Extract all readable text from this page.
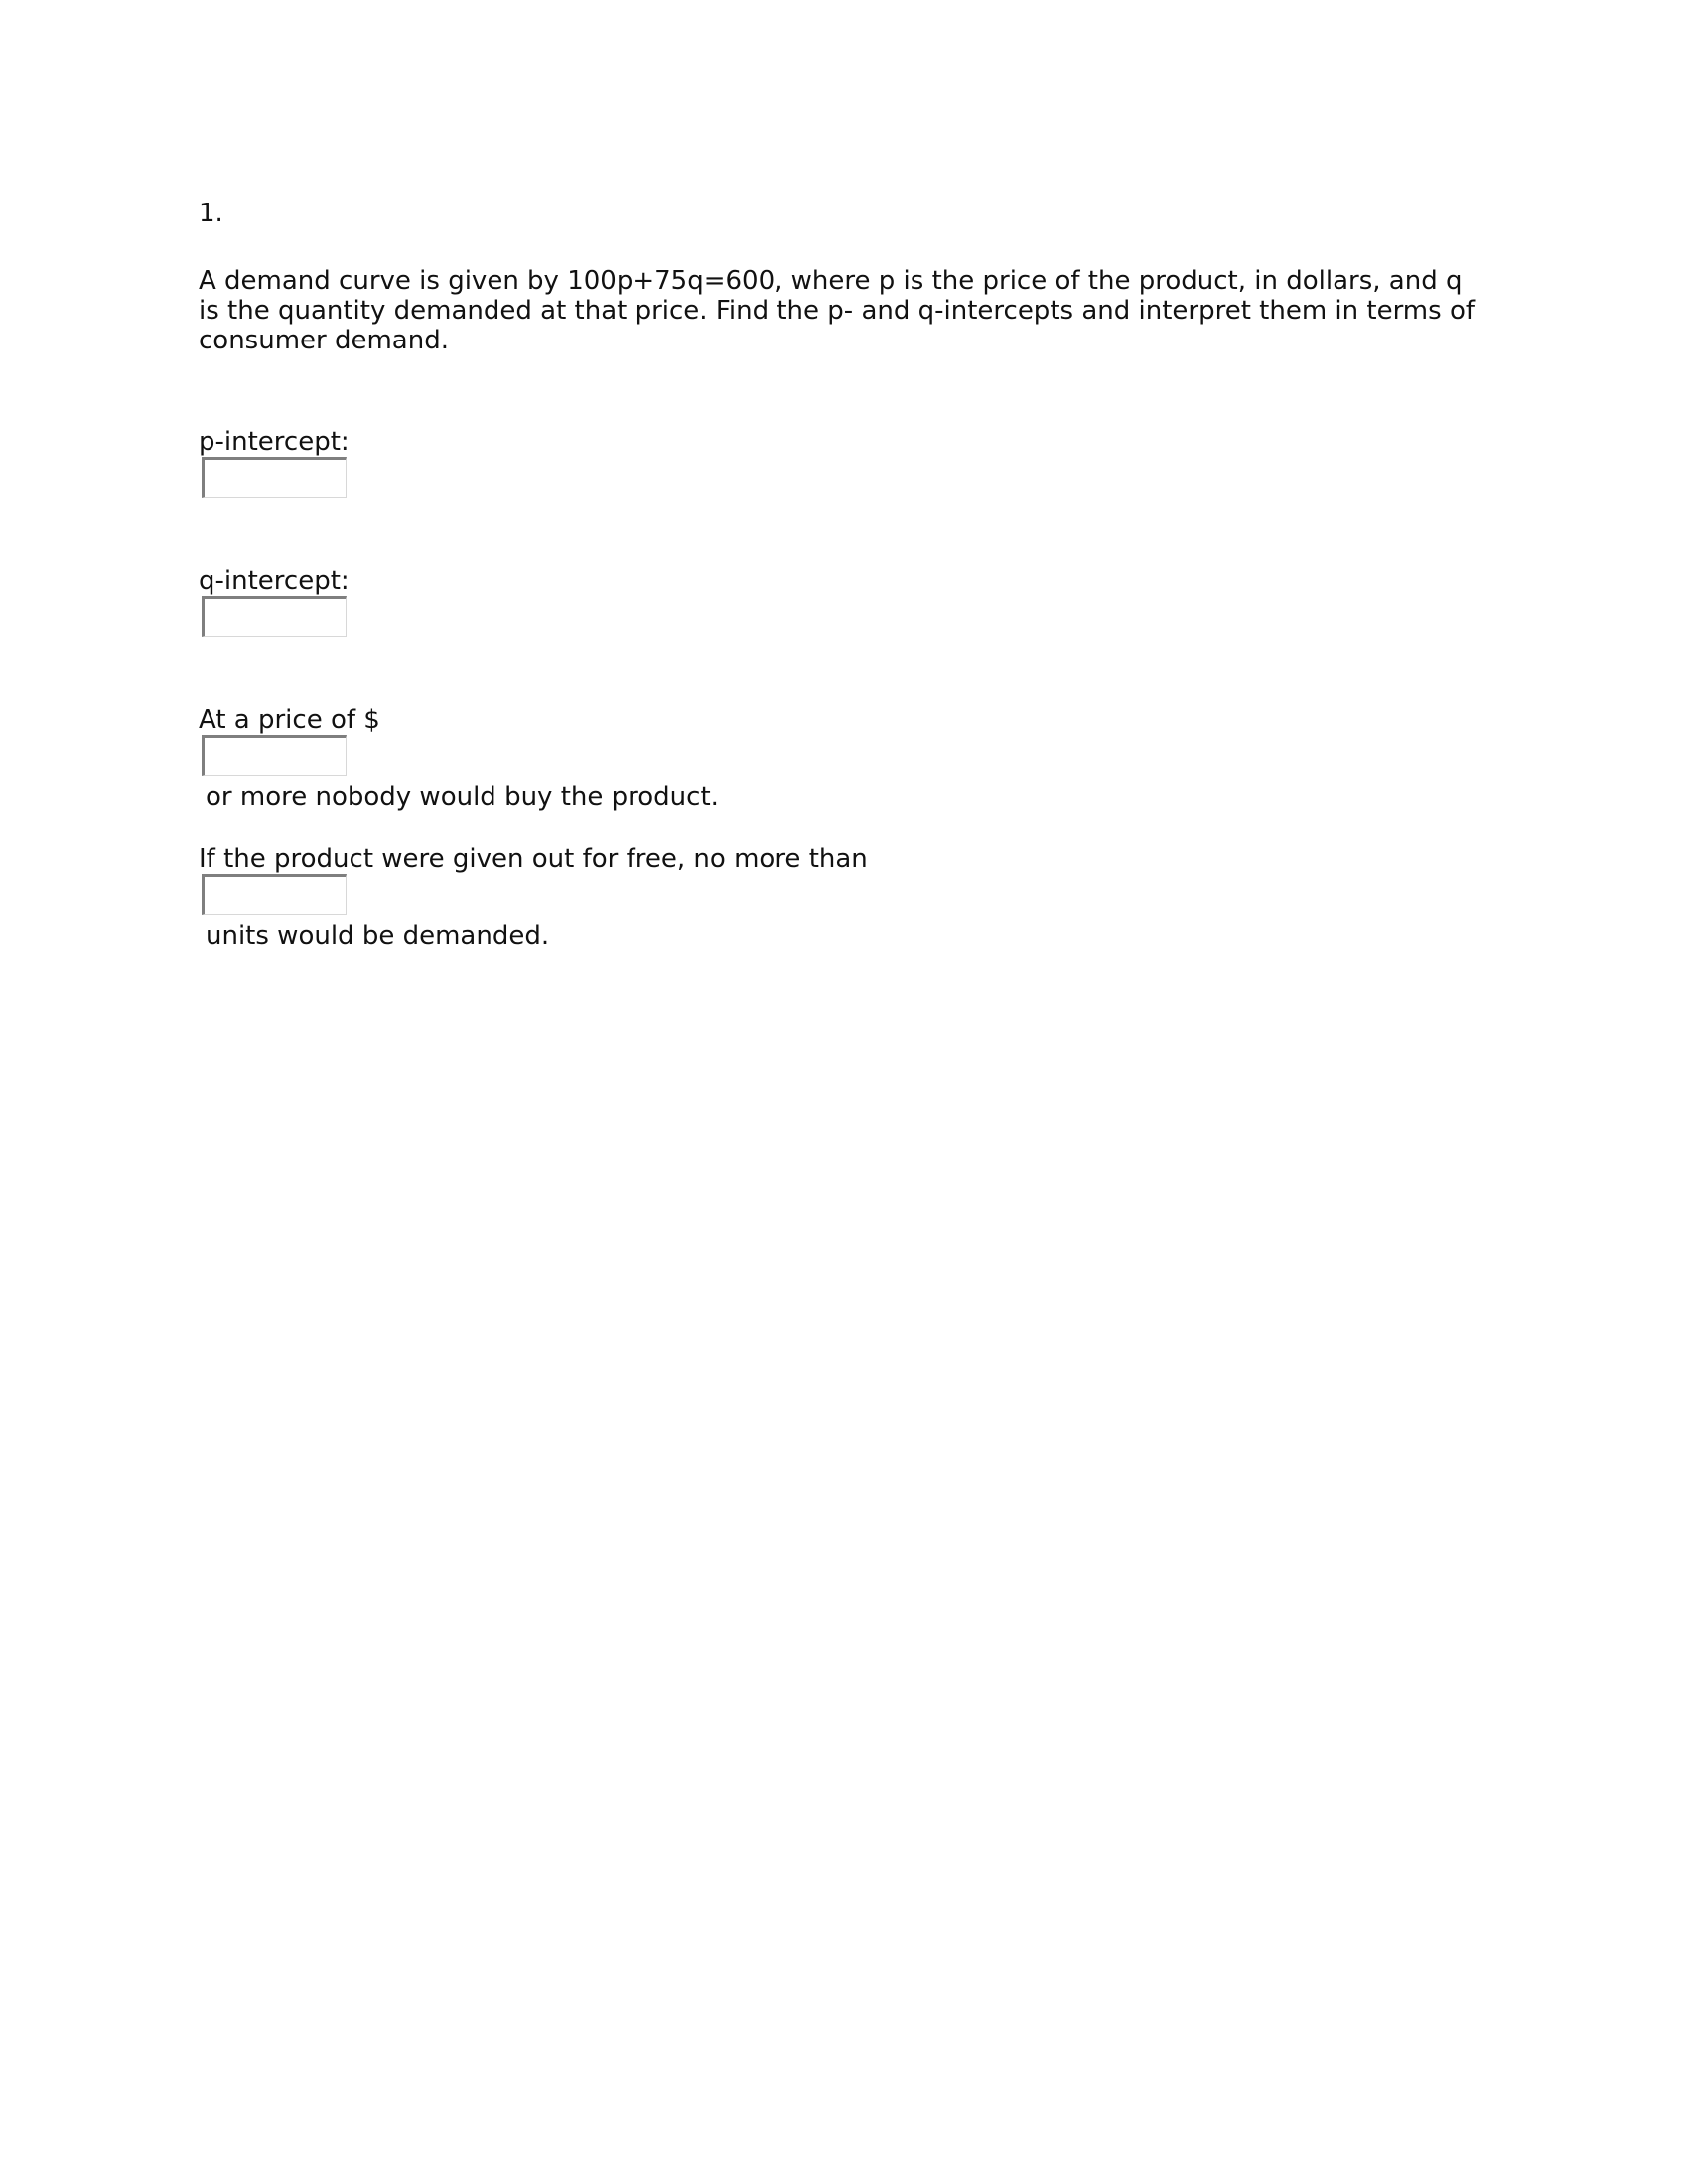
1.
A demand curve is given by 100p+75q=600, where p is the price of the product, in dollars, and q is the quantity demanded at that price. Find the p- and q-intercepts and interpret them in terms of consumer demand.
p-intercept:
q-intercept:
At a price of $
or more nobody would buy the product.
If the product were given out for free, no more than
units would be demanded.
